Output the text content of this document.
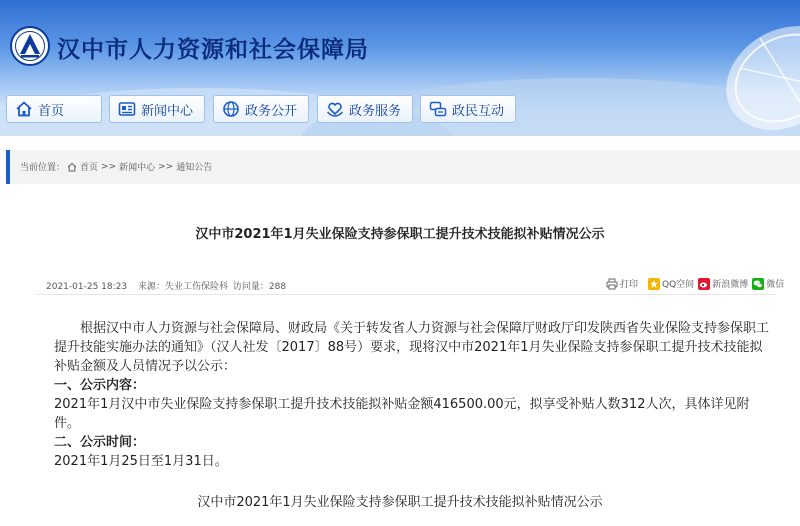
汉中市人力资源和社会保障局
首页	新闻中心	政务公开	政务服务	政民互动
当前位置： 首页 >> 新闻中心 >> 通知公告
汉中市2021年1月失业保险支持参保职工提升技术技能拟补贴情况公示
2021-01-25 18:23 来源：失业工伤保险科 访问量：288	打印	QQ空间 新浪微博 微信

根据汉中市人力资源与社会保障局、财政局《关于转发省人力资源与社会保障厅财政厅印发陕西省失业保险支持参保职工提升技能实施办法的通知》（汉人社发〔2017〕88号）要求，现将汉中市2021年1月失业保险支持参保职工提升技术技能拟补贴金额及人员情况予以公示：

一、公示内容：

2021年1月汉中市失业保险支持参保职工提升技术技能拟补贴金额416500.00元，拟享受补贴人数312人次，具体详见附件。

二、公示时间：

2021年1月25日至1月31日。

汉中市2021年1月失业保险支持参保职工提升技术技能拟补贴情况公示
